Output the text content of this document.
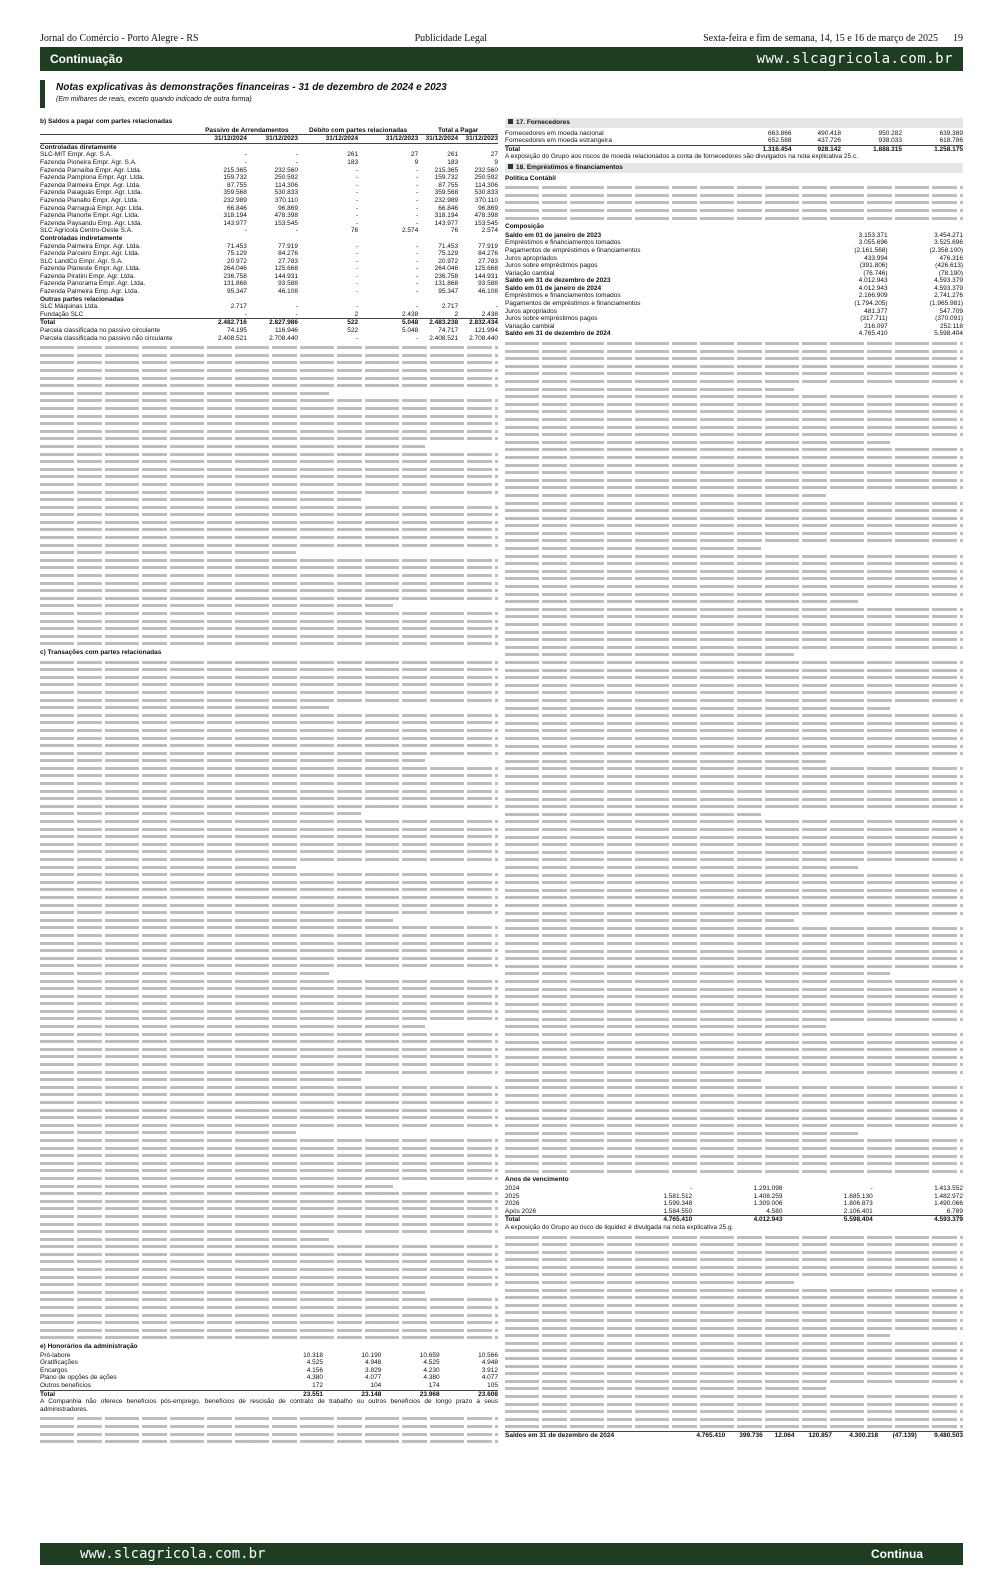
Jornal do Comércio - Porto Alegre - RS	Publicidade Legal	Sexta-feira e fim de semana, 14, 15 e 16 de março de 2025 19
Continuação	www.slcagricola.com.br
Notas explicativas às demonstrações financeiras - 31 de dezembro de 2024 e 2023
(Em milhares de reais, exceto quando indicado de outra forma)
b) Saldos a pagar com partes relacionadas
	Passivo de Arrendamentos		Débito com partes relacionadas		Total a Pagar	
	31/12/2024	31/12/2023	31/12/2024	31/12/2023	31/12/2024	31/12/2023
Controladas diretamente						
SLC-MIT Empr. Agr. S.A.	-	-	261	27	261	27
Fazenda Pioneira Empr. Agr. S.A.	-	-	183	9	183	9
Fazenda Parnaíba Empr. Agr. Ltda.	215.365	232.560	-	-	215.365	232.560
Fazenda Pamplona Empr. Agr. Ltda.	159.732	250.592	-	-	159.732	250.592
Fazenda Palmeira Empr. Agr. Ltda.	87.755	114.306	-	-	87.755	114.306
Fazenda Paiaguás Empr. Agr. Ltda.	359.568	530.833	-	-	359.568	530.833
Fazenda Planalto Empr. Agr. Ltda.	232.989	370.110	-	-	232.989	370.110
Fazenda Parnaguá Empr. Agr. Ltda.	66.846	96.869	-	-	66.846	96.869
Fazenda Planorte Empr. Agr. Ltda.	318.194	478.398	-	-	318.194	478.398
Fazenda Paysandu Emp. Agr. Ltda.	143.977	153.545	-	-	143.977	153.545
SLC Agrícola Centro-Oeste S.A.	-	-	76	2.574	76	2.574
Controladas indiretamente						
Fazenda Palmeira Empr. Agr. Ltda.	71.453	77.919	-	-	71.453	77.919
Fazenda Parceiro Empr. Agr. Ltda.	75.129	84.276	-	-	75.129	84.276
SLC LandCo Empr. Agr. S.A.	20.972	27.783	-	-	20.972	27.783
Fazenda Planeste Empr. Agr. Ltda.	264.046	125.668	-	-	264.046	125.668
Fazenda Piratini Empr. Agr. Ltda.	236.758	144.931	-	-	236.758	144.931
Fazenda Panorama Empr. Agr. Ltda.	131.868	93.588	-	-	131.868	93.588
Fazenda Palmeira Emp. Agr. Ltda.	95.347	46.108	-	-	95.347	46.108
Outras partes relacionadas						
SLC Máquinas Ltda.	2.717	-	-	-	2.717	-
Fundação SLC	-	-	2	2.438	2	2.438
Total	2.482.716	2.827.986	522	5.048	2.483.238	2.832.434
Parcela classificada no passivo circulante	74.195	116.946	522	5.048	74.717	121.994
Parcela classificada no passivo não circulante	2.408.521	2.708.440	-	-	2.408.521	2.708.440
c) Transações com partes relacionadas
e) Honorários da administração
Pró-labore	10.318	10.190	10.659	10.566
Gratificações	4.525	4.948	4.525	4.948
Encargos	4.156	3.829	4.230	3.912
Plano de opções de ações	4.380	4.077	4.380	4.077
Outros benefícios	172	104	174	105
Total	23.551	23.148	23.968	23.608
A Companhia não oferece benefícios pós-emprego, benefícios de rescisão de contrato de trabalho ou outros benefícios de longo prazo a seus administradores.
17. Fornecedores
Fornecedores em moeda nacional	663.866	490.418	950.282	639.389
Fornecedores em moeda estrangeira	652.588	437.726	938.033	618.786
Total	1.316.454	928.142	1.888.315	1.258.175
A exposição do Grupo aos riscos de moeda relacionados a conta de fornecedores são divulgados na nota explicativa 25.c.
18. Empréstimos e financiamentos
Política Contábil
Composição
Saldo em 01 de janeiro de 2023	3.153.371	3.454.271
Empréstimos e financiamentos tomados	3.055.696	3.525.696
Pagamentos de empréstimos e financiamentos	(2.161.568)	(2.358.100)
Juros apropriados	433.994	476.316
Juros sobre empréstimos pagos	(391.806)	(426.613)
Variação cambial	(76.746)	(78.190)
Saldo em 31 de dezembro de 2023	4.012.943	4.593.379
Saldo em 01 de janeiro de 2024	4.012.943	4.593.379
Empréstimos e financiamentos tomados	2.166.909	2.741.276
Pagamentos de empréstimos e financiamentos	(1.794.205)	(1.965.981)
Juros apropriados	481.377	547.709
Juros sobre empréstimos pagos	(317.711)	(370.091)
Variação cambial	216.097	252.118
Saldo em 31 de dezembro de 2024	4.765.410	5.598.404
Anos de vencimento
2024	-	1.291.098	-	1.413.552
2025	1.581.512	1.408.259	1.685.130	1.482.972
2026	1.599.348	1.309.006	1.806.873	1.490.066
Após 2026	1.584.550	4.580	2.106.401	6.789
Total	4.765.410	4.012.943	5.598.404	4.593.379
A exposição do Grupo ao risco de liquidez é divulgada na nota explicativa 25.g.
Saldos em 31 de dezembro de 2024	4.765.410	399.736	12.064	120.857	4.300.218	(47.139)	9.480.503
www.slcagricola.com.br	Continua
